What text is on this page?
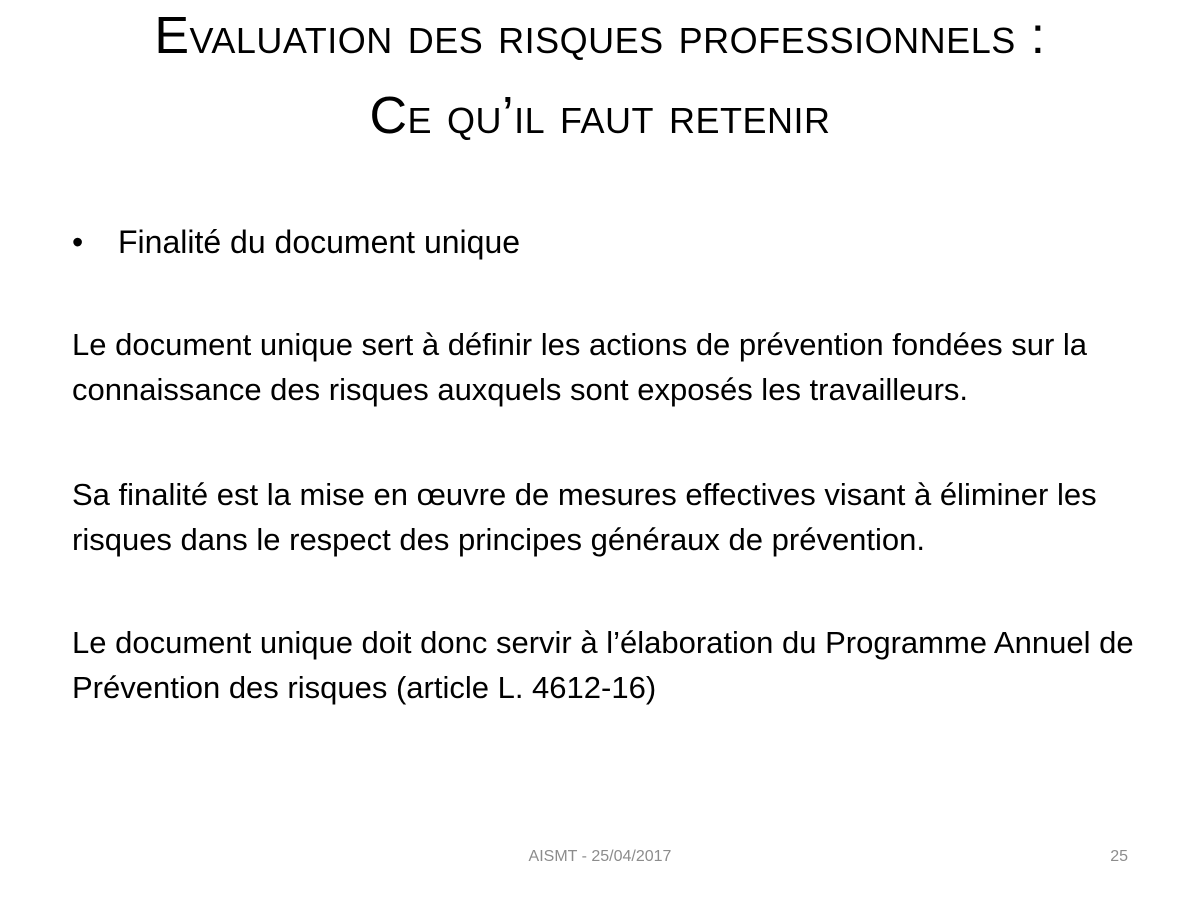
Evaluation des risques professionnels :
Ce qu’il faut retenir
• Finalité du document unique

Le document unique sert à définir les actions de prévention fondées sur la connaissance des risques auxquels sont exposés les travailleurs.

Sa finalité est la mise en œuvre de mesures effectives visant à éliminer les risques dans le respect des principes généraux de prévention.

Le document unique doit donc servir à l’élaboration du Programme Annuel de Prévention des risques (article L. 4612-16)

AISMT - 25/04/2017	25
